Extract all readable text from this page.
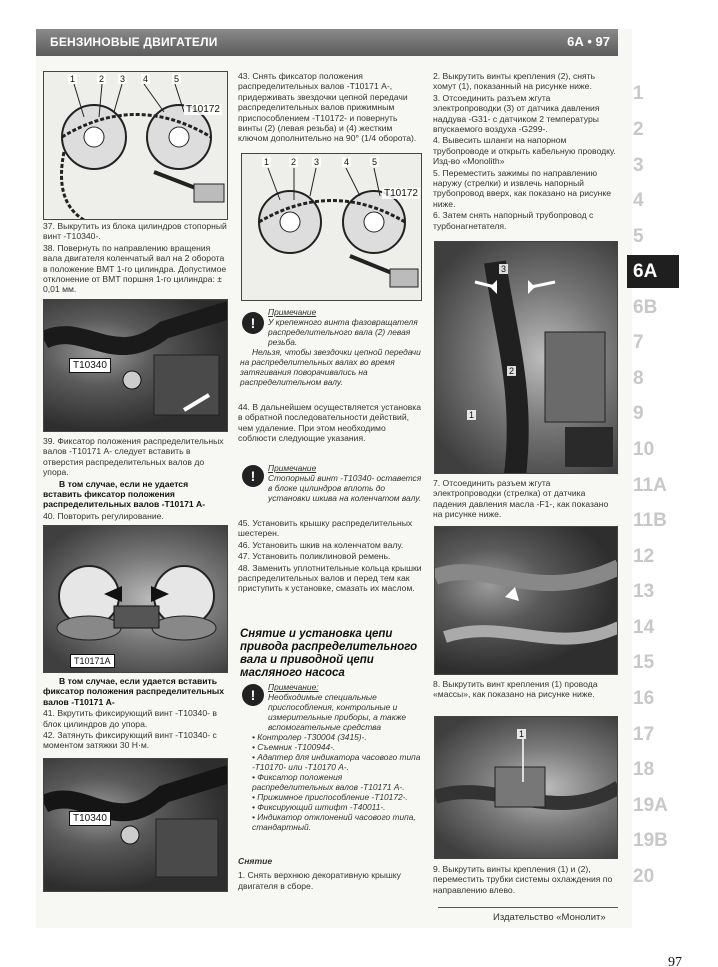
БЕНЗИНОВЫЕ ДВИГАТЕЛИ	6А • 97
1	2 3 4	5
T10172

37. Выкрутить из блока цилиндров стопорный винт -Т10340-.

38. Повернуть по направлению вращения вала двигателя коленчатый вал на 2 оборота в положение ВМТ 1-го цилиндра. Допустимое отклонение от ВМТ поршня 1-го цилиндра: ± 0,01 мм.

T10340

39. Фиксатор положения распределительных валов -Т10171 А- следует вставить в отверстия распределительных валов до упора.

В том случае, если не удается вставить фиксатор положения распределительных валов -Т10171 А-

40. Повторить регулирование.

T10171A

В том случае, если удается вставить фиксатор положения распределительных валов -Т10171 А-

41. Вкрутить фиксирующий винт -Т10340- в блок цилиндров до упора.

42. Затянуть фиксирующий винт -Т10340- с моментом затяжки 30 Н·м.

T10340

43. Снять фиксатор положения распределительных валов -Т10171 А-, придерживать звездочки цепной передачи распределительных валов прижимным приспособлением -Т10172- и повернуть винты (2) (левая резьба) и (4) жестким ключом дополнительно на 90° (1/4 оборота).

1 2 3	4	5
T10172
!

Примечание

У крепежного винта фазовращателя распределительного вала (2) левая резьба.

Нельзя, чтобы звездочки цепной передачи на распределительных валах во время затягивания поворачивались на распределительном валу.

44. В дальнейшем осуществляется установка в обратной последовательности действий, чем удаление. При этом необходимо соблюсти следующие указания.

!	Примечание

Стопорный винт -Т10340- оставется в блоке цилиндров вплоть до установки шкива на коленчатом валу.

45. Установить крышку распределительных шестерен.

46. Установить шкив на коленчатом валу.

47. Установить поликлиновой ремень.

48. Заменить уплотнительные кольца крышки распределительных валов и перед тем как приступить к установке, смазать их маслом.

Снятие и установка цепи привода распределительного вала и приводной цепи масляного насоса
!	Примечание:

Необходимые специальные приспособления, контрольные и измерительные приборы, а также вспомогательные средства

• Контролер -Т30004 (3415)-.

• Съемник -Т100944-.

• Адаптер для индикатора часового типа -Т10170- или -Т10170 А-.

• Фиксатор положения распределительных валов -Т10171 А-.

• Прижимное приспособление -Т10172-.

• Фиксирующий штифт -Т40011-.

• Индикатор отклонений часового типа, стандартный.

Снятие

1. Снять верхнюю декоративную крышку двигателя в сборе.

2. Выкрутить винты крепления (2), снять хомут (1), показанный на рисунке ниже.

3. Отсоединить разъем жгута электропроводки (3) от датчика давления наддува -G31- с датчиком 2 температуры впускаемого воздуха -G299-.

4. Вывесить шланги на напорном трубопроводе и открыть кабельную проводку. Изд-во «Monolith»

5. Переместить зажимы по направлению наружу (стрелки) и извлечь напорный трубопровод вверх, как показано на рисунке ниже.

6. Затем снять напорный трубопровод с турбонагнетателя.

3
2
1

7. Отсоединить разъем жгута электропроводки (стрелка) от датчика падения давления масла -F1-, как показано на рисунке ниже.

8. Выкрутить винт крепления (1) провода «массы», как показано на рисунке ниже.

1

9. Выкрутить винты крепления (1) и (2), переместить трубки системы охлаждения по направлению влево.

1
2
3
4
5
6A
6B
7
8
9
10
11A
11B
12
13
14
15
16
17
18
19A
19B
20
Издательство «Монолит»
97
